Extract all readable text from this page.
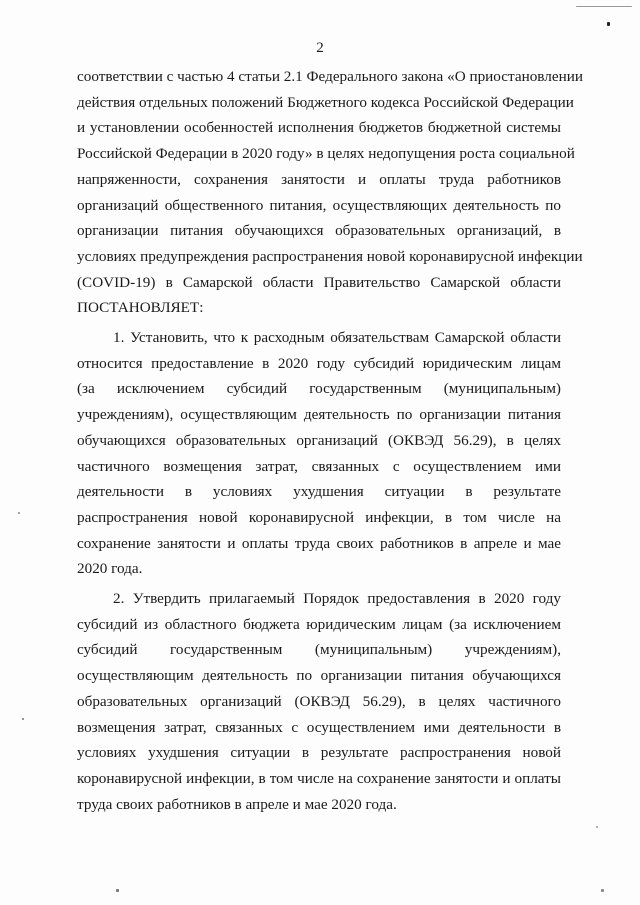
2
соответствии с частью 4 статьи 2.1 Федерального закона «О приостановлении
действия отдельных положений Бюджетного кодекса Российской Федерации
и установлении особенностей исполнения бюджетов бюджетной системы
Российской Федерации в 2020 году» в целях недопущения роста социальной
напряженности, сохранения занятости и оплаты труда работников
организаций общественного питания, осуществляющих деятельность по
организации питания обучающихся образовательных организаций, в
условиях предупреждения распространения новой коронавирусной инфекции
(COVID-19) в Самарской области Правительство Самарской области
ПОСТАНОВЛЯЕТ:
1. Установить, что к расходным обязательствам Самарской области
относится предоставление в 2020 году субсидий юридическим лицам
(за исключением субсидий государственным (муниципальным)
учреждениям), осуществляющим деятельность по организации питания
обучающихся образовательных организаций (ОКВЭД 56.29), в целях
частичного возмещения затрат, связанных с осуществлением ими
деятельности в условиях ухудшения ситуации в результате
распространения новой коронавирусной инфекции, в том числе на
сохранение занятости и оплаты труда своих работников в апреле и мае
2020 года.
2. Утвердить прилагаемый Порядок предоставления в 2020 году
субсидий из областного бюджета юридическим лицам (за исключением
субсидий государственным (муниципальным) учреждениям),
осуществляющим деятельность по организации питания обучающихся
образовательных организаций (ОКВЭД 56.29), в целях частичного
возмещения затрат, связанных с осуществлением ими деятельности в
условиях ухудшения ситуации в результате распространения новой
коронавирусной инфекции, в том числе на сохранение занятости и оплаты
труда своих работников в апреле и мае 2020 года.
